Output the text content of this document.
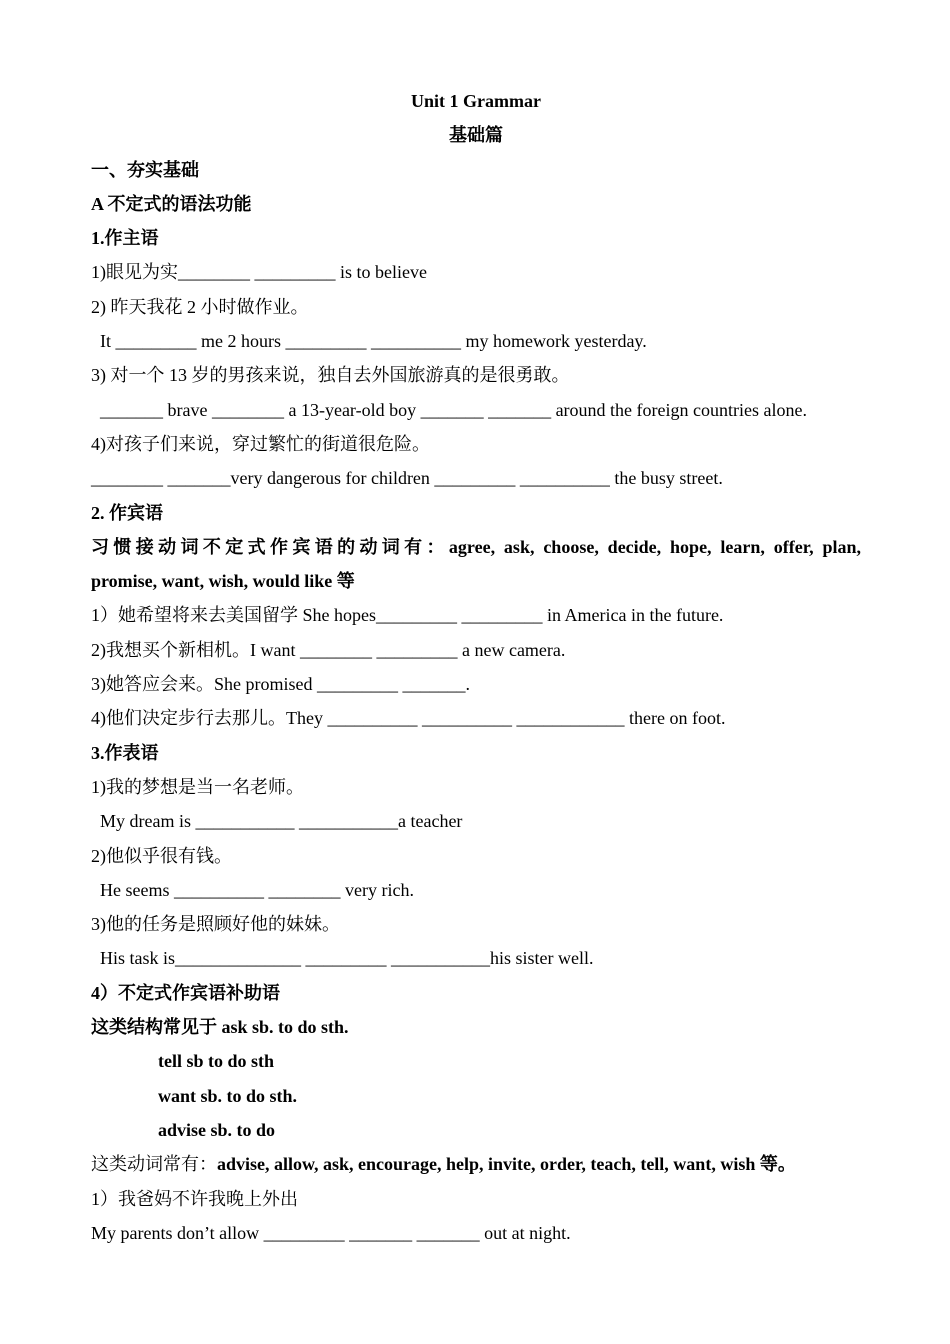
Unit 1 Grammar
基础篇
一、夯实基础
A 不定式的语法功能
1.作主语
1)眼见为实________ _________ is to believe
2) 昨天我花 2 小时做作业。
It _________ me 2 hours _________ __________ my homework yesterday.
3) 对一个 13 岁的男孩来说，独自去外国旅游真的是很勇敢。
_______ brave ________ a 13-year-old boy _______ _______ around the foreign countries alone.
4)对孩子们来说，穿过繁忙的街道很危险。
________ _______very dangerous for children _________ __________ the busy street.
2. 作宾语
习惯接动词不定式作宾语的动词有：agree, ask, choose, decide, hope, learn, offer, plan,
promise, want, wish, would like 等
1）她希望将来去美国留学 She hopes_________ _________ in America in the future.
2)我想买个新相机。I want ________ _________ a new camera.
3)她答应会来。She promised _________ _______.
4)他们决定步行去那儿。They __________ __________ ____________ there on foot.
3.作表语
1)我的梦想是当一名老师。
My dream is ___________ ___________a teacher
2)他似乎很有钱。
He seems __________ ________ very rich.
3)他的任务是照顾好他的妹妹。
His task is______________ _________ ___________his sister well.
4）不定式作宾语补助语
这类结构常见于 ask sb. to do sth.
tell sb to do sth
want sb. to do sth.
advise sb. to do
这类动词常有：advise, allow, ask, encourage, help, invite, order, teach, tell, want, wish 等。
1）我爸妈不许我晚上外出
My parents don’t allow _________ _______ _______ out at night.
